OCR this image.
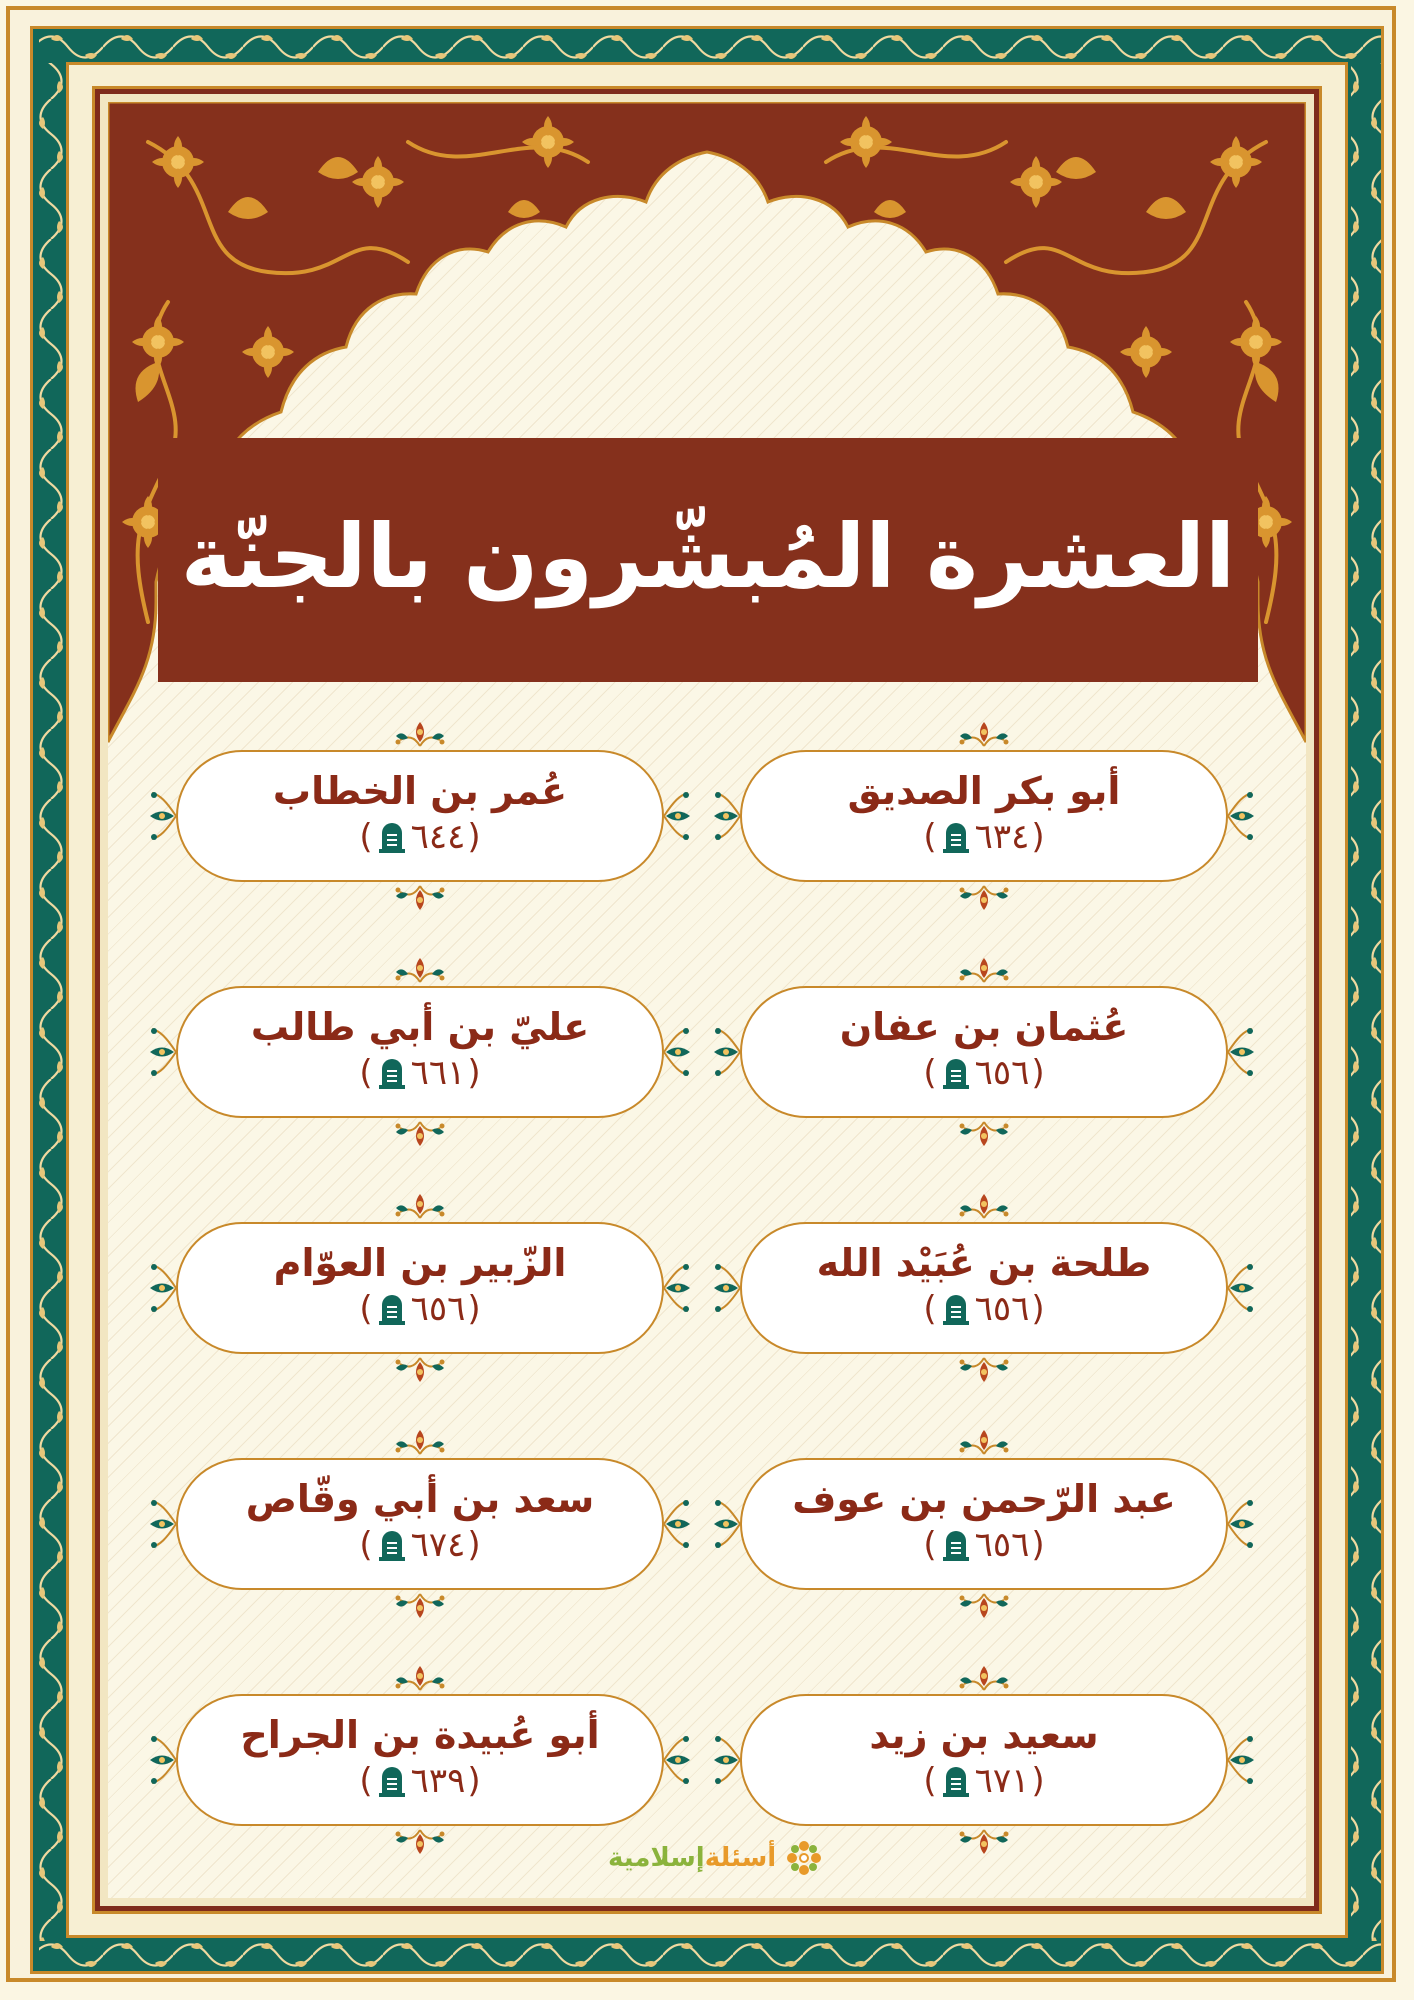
العشرة المُبشّرون بالجنّة
أبو بكر الصديق
(
٦٣٤
)
عُمر بن الخطاب
(
٦٤٤
)
عُثمان بن عفان
(
٦٥٦
)
عليّ بن أبي طالب
(
٦٦١
)
طلحة بن عُبَيْد الله
(
٦٥٦
)
الزّبير بن العوّام
(
٦٥٦
)
عبد الرّحمن بن عوف
(
٦٥٦
)
سعد بن أبي وقّاص
(
٦٧٤
)
سعيد بن زيد
(
٦٧١
)
أبو عُبيدة بن الجراح
(
٦٣٩
)
أسئلةإسلامية
